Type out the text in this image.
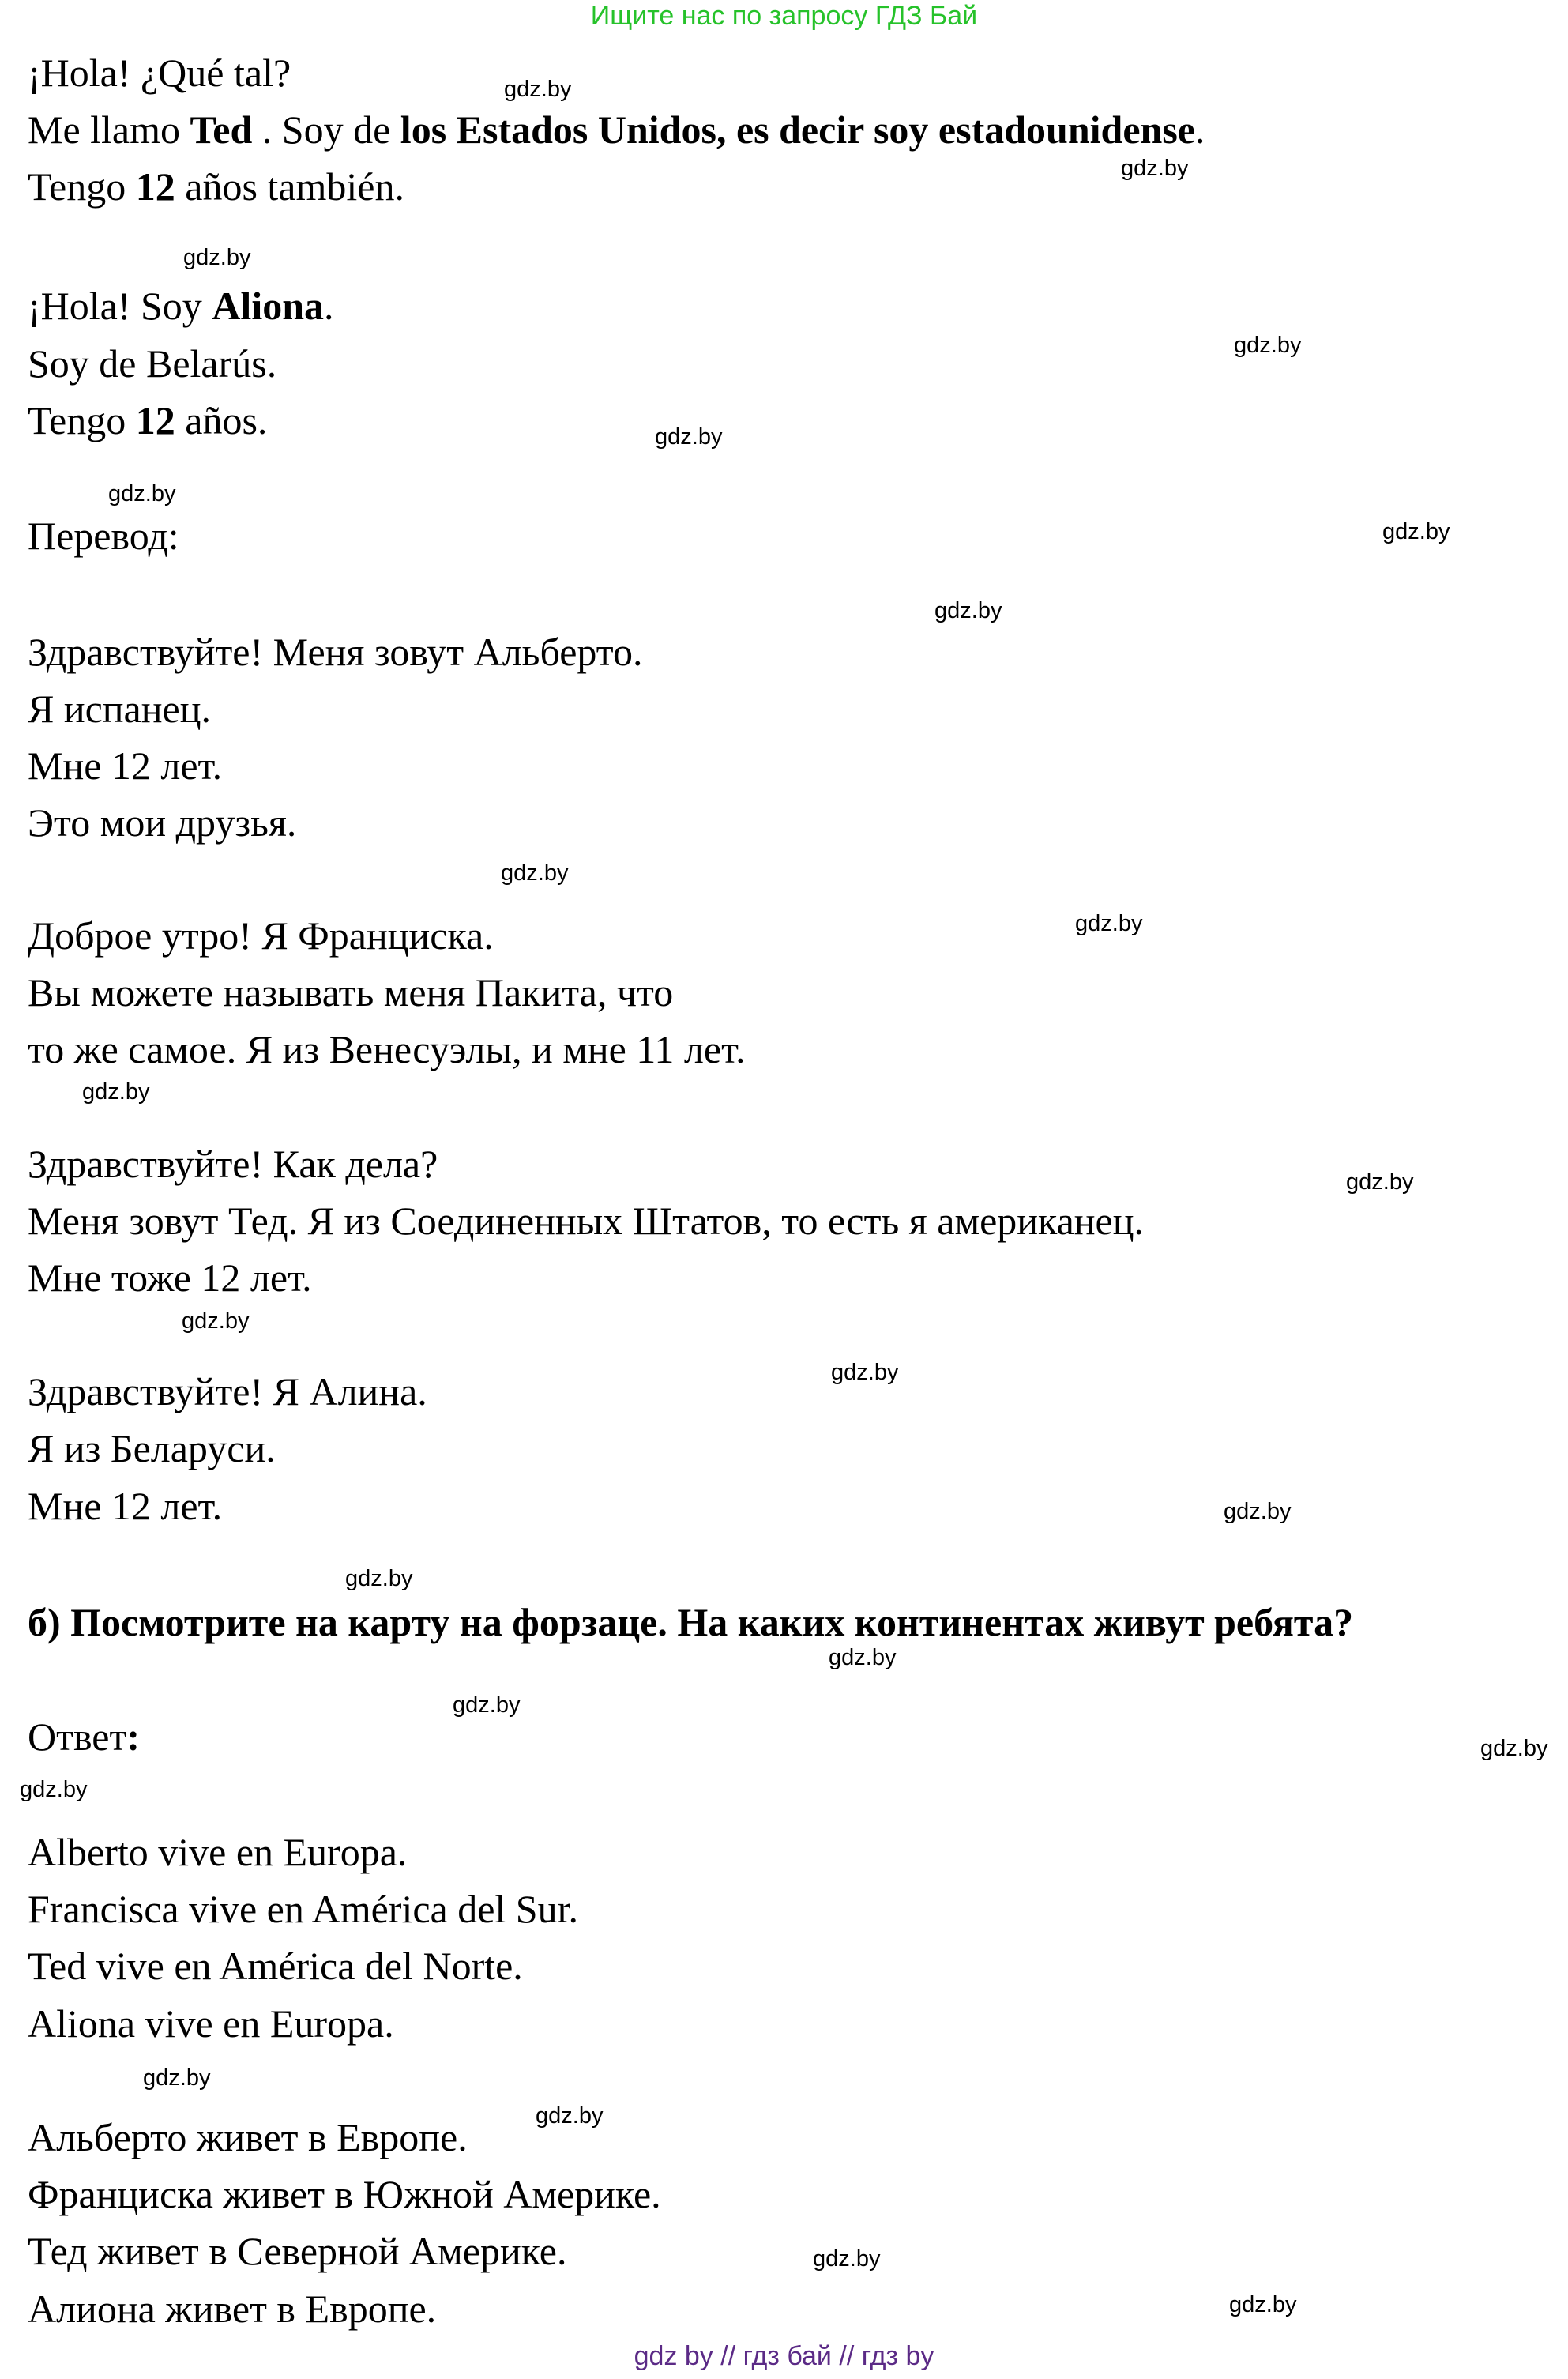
Ищите нас по запросу ГДЗ Бай
¡Hola! ¿Qué tal?
Me llamo Ted . Soy de los Estados Unidos, es decir soy estadounidense.
Tengo 12 años también.
¡Hola! Soy Aliona.
Soy de Belarús.
Tengo 12 años.
Перевод:
Здравствуйте! Меня зовут Альберто.
Я испанец.
Мне 12 лет.
Это мои друзья.
Доброе утро! Я Франциска.
Вы можете называть меня Пакита, что
то же самое. Я из Венесуэлы, и мне 11 лет.
Здравствуйте! Как дела?
Меня зовут Тед. Я из Соединенных Штатов, то есть я американец.
Мне тоже 12 лет.
Здравствуйте! Я Алина.
Я из Беларуси.
Мне 12 лет.
б) Посмотрите на карту на форзаце. На каких континентах живут ребята?
Ответ:
Alberto vive en Europa.
Francisca vive en América del Sur.
Ted vive en América del Norte.
Aliona vive en Europa.
Альберто живет в Европе.
Франциска живет в Южной Америке.
Тед живет в Северной Америке.
Алиона живет в Европе.
gdz.by
gdz.by
gdz.by
gdz.by
gdz.by
gdz.by
gdz.by
gdz.by
gdz.by
gdz.by
gdz.by
gdz.by
gdz.by
gdz.by
gdz.by
gdz.by
gdz.by
gdz.by
gdz.by
gdz.by
gdz.by
gdz.by
gdz.by
gdz.by
gdz by // гдз бай // гдз by
